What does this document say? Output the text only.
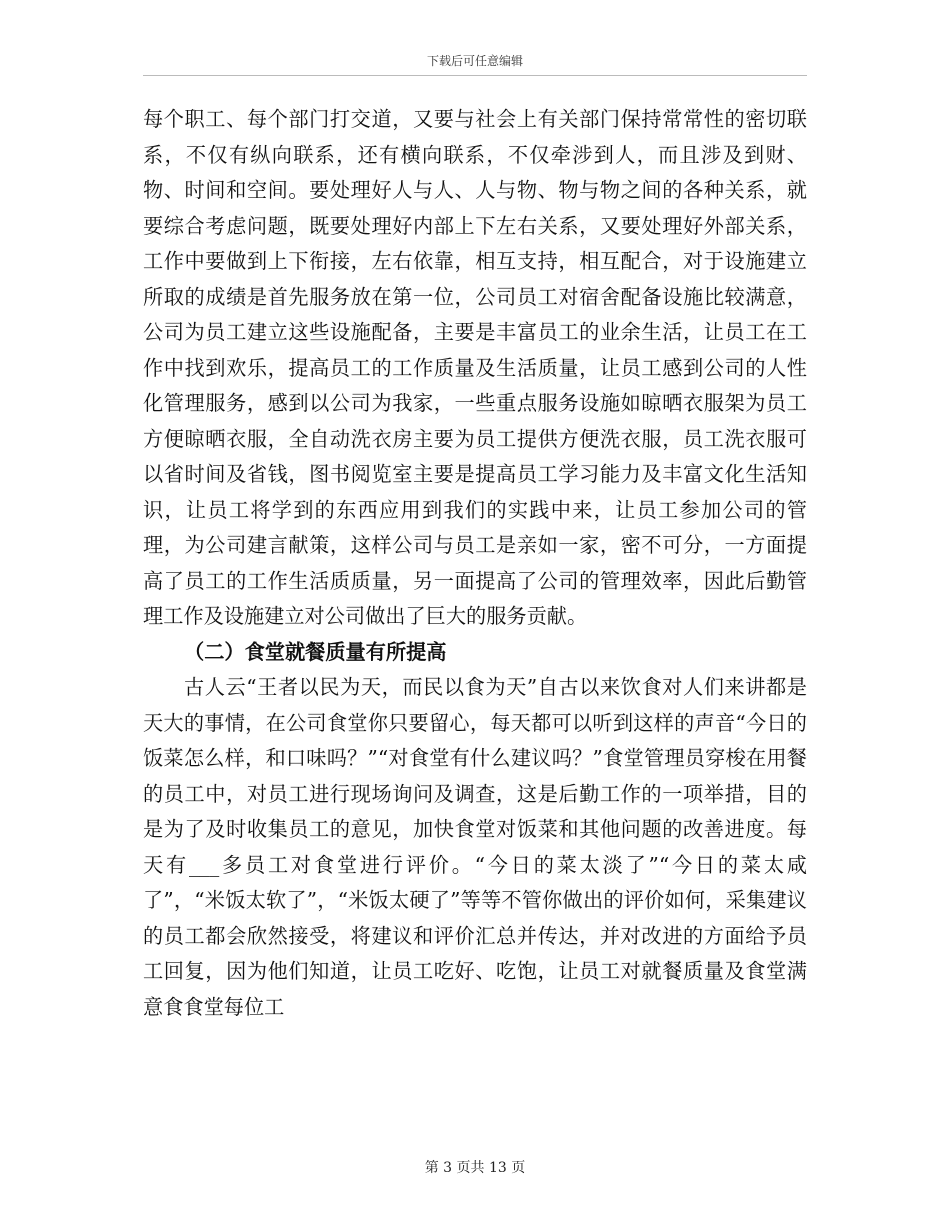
下载后可任意编辑

每个职工、每个部门打交道，又要与社会上有关部门保持常常性的密切联系，不仅有纵向联系，还有横向联系，不仅牵涉到人，而且涉及到财、物、时间和空间。要处理好人与人、人与物、物与物之间的各种关系，就要综合考虑问题，既要处理好内部上下左右关系，又要处理好外部关系，工作中要做到上下衔接，左右依靠，相互支持，相互配合，对于设施建立所取的成绩是首先服务放在第一位，公司员工对宿舍配备设施比较满意，公司为员工建立这些设施配备，主要是丰富员工的业余生活，让员工在工作中找到欢乐，提高员工的工作质量及生活质量，让员工感到公司的人性化管理服务，感到以公司为我家，一些重点服务设施如晾晒衣服架为员工方便晾晒衣服，全自动洗衣房主要为员工提供方便洗衣服，员工洗衣服可以省时间及省钱，图书阅览室主要是提高员工学习能力及丰富文化生活知识，让员工将学到的东西应用到我们的实践中来，让员工参加公司的管理，为公司建言献策，这样公司与员工是亲如一家，密不可分，一方面提高了员工的工作生活质质量，另一面提高了公司的管理效率，因此后勤管理工作及设施建立对公司做出了巨大的服务贡献。

（二）食堂就餐质量有所提高

古人云“王者以民为天，而民以食为天”自古以来饮食对人们来讲都是天大的事情，在公司食堂你只要留心，每天都可以听到这样的声音“今日的饭菜怎么样，和口味吗？”“对食堂有什么建议吗？”食堂管理员穿梭在用餐的员工中，对员工进行现场询问及调查，这是后勤工作的一项举措，目的是为了及时收集员工的意见，加快食堂对饭菜和其他问题的改善进度。每天有___多员工对食堂进行评价。“今日的菜太淡了”“今日的菜太咸了”，“米饭太软了”，“米饭太硬了”等等不管你做出的评价如何，采集建议的员工都会欣然接受，将建议和评价汇总并传达，并对改进的方面给予员工回复，因为他们知道，让员工吃好、吃饱，让员工对就餐质量及食堂满意食食堂每位工

第 3 页共 13 页
